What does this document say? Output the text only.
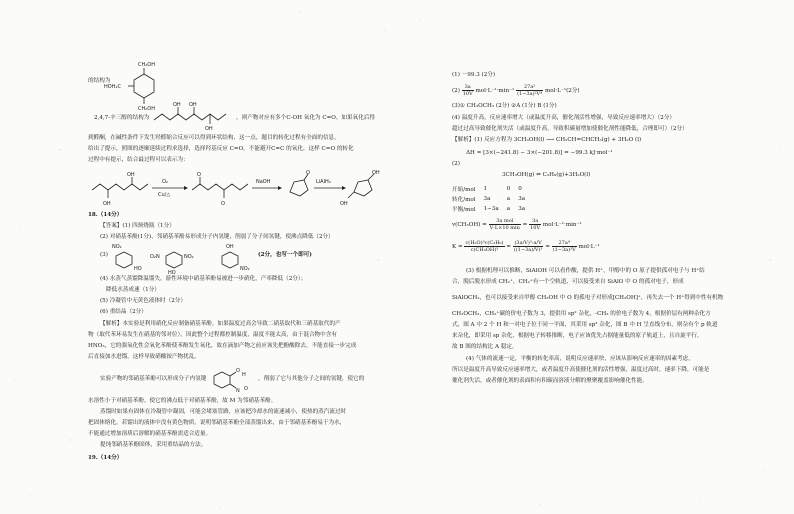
的结构为
CH₂OH
CH₂OH
HOH₂C
2,4,7-辛三醇的结构为
OH OH
OH
，则产物对应有多个C-OH 氧化为 C=O。如果氧化后得
到醛酮，在碱性条件下发生羟醛缩合反应可以得到环状结构，这一点，题目的转化过程有全面的信息，
给出了提示，照图的逐顺延续过程求选择，选择羟基反应 C=O，不能避开C=C 的氧化，这样 C=O 的转化
过程中有提示，结合最过程可以表示为：
OH
OH
O₂
Cu/△
O
O
NaOH
O
LiAlH₄
OH
OH
18.（14分）
【答案】(1) 四颈烧瓶（1分）
(2) 对硝基苯酚(1分)，邻硝基苯酚易形成分子内氢键，削弱了分子间氢键，使沸点降低（2分）
(3)
NO₂
HO
O₂N	NO₂
HO
OH
NO₂
(2分，也写一个即可)
(4) 水蒸气蒸馏降温馏失，游性环境中硝基苯酚易被进一步硝化，产率降低（2分）；
降低水蒸成速（1分）
(5) 冷凝管中无黄色液体时（2分）
(6) 重结晶（2分）
【解析】本实验是利用硝化反应制备硝基苯酚。如果温度过高会导致二硝基取代和三硝基取代的产
物（取代苯环易发生在硝基的邻对位），因此整个过程都控制温度，温度不能太高，由于混合物中含有
HNO₃，它的强氧化性会氧化苯酚使苯酚发生氧化，故在滴加产物之前应该先把酚酸除去，不能直接一步完成
后直接加水进馏，这样导致硝酸铵产物扰乱。
实验产物的邻硝基苯酚可以形成分子内氢键
O
H
N O
，削弱了它与其他分子之间的氢键，使它的
水溶性小于对硝基苯酚，使它的沸点低于对硝基苯酚，故 M 为邻硝基苯酚。
蒸馏时如果有固体在冷凝管中凝固，可能会堵塞管路，应该把冷却水的流速减小，使热的蒸汽流过时
把固体熔化，若馏出的液体中没有黄色物质，说明邻硝基苯酚全部蒸馏出来，由于邻硝基苯酚易于为水，
不能通过增加溶质后溶解的硝基苯酚需适合适量。
提纯邻硝基苯酚固体，采用重结晶的方法。
19.（14分）
(1) －99.3 (2分)
$(2) \frac{3a}{10V} mol\cdot L^{-1}\cdot\min^{-1} \frac{\text{27a²}}{\text{(1−3a)²V⁴}} mol\cdot L^{-1}(2$分)
(3)① CH₃OCH₃ (2分) ②A (1分) B (1分)
(4) 温度升高，反应速率增大（或温度升高，催化剂活性增强，导致反应速率增大）（2分）
超过过高导致催化剂失活（或温度升高，导致积碳量增加使催化剂性能降低，合理即可）（2分）
【解析】(1) 反应方程为 3CH₃OH(l) ⟶ CH₂CH=CHCH₃(g) + 3H₂O (l)
ΔH = [3×(−241.8) − 3×(−201.8)] = −99.3 kJ·mol⁻¹
(2)
3CH₃OH(g) ⇌ C₃H₆(g)+3H₂O(l)
开始/mol	1	0	0
转化/mol	3a	a	3a
平衡/mol	1−3a	a	3a
$v(CH_3OH) = \frac{\text{3a mol}}{V\cdot L\times 10 \min} = \frac{3a}{10V} mol\cdot L^{-1}\cdot\min^{-1}$
$K = \frac{\text{c(H₂O)³c(C₃H₆)}}{\text{c(CH₃OH)³}} = \frac{\text{(3a/V)³·a/V}}{\text{((1−3a)/V)³}} = \frac{\text{27a⁴}}{\text{(1−3a)³V}} mol\cdot L^{-1}$
(3) 根据机理可以推断，SiAlOH 可以看作酸，提供 H⁺，甲醇中的 O 原子提供孤对电子与 H⁺结
合，脱后脱水形成 CH₂⁺，CH₂⁺有一个空轨道，可以接受来自 SiAlO 中 O 的孤对电子，形成
SiAlOCH₃，也可以接受来自甲醇 CH₃OH 中 O 的孤电子对形成[CH₃OH]⁺，再失去一个 H⁺得到中性有机物
CH₃OCH₃，CH₂⁺碳的价电子数为 3，提供用 sp² 杂化，-CH₃ 的价电子数为 4，根据价层有两种杂化方
式，图 A 中 2 个 H 和一对电子位于同一平面，其采用 sp² 杂化，图 B 中 H 呈直线分布，则杂有个 p 轨道
来杂化，即采用 sp 杂化，根据电子转移推断，电子应该优先占据能量低的原子轨道上，且自旋平行，
故 B 图的结构比 A 稳定。
(4) 气体的流速一定，平衡的转化率高，说明反应速率快，应该从影响反应速率的因素考虑，
所以是温度升高导致反应速率增大，或者温度升高使催化剂的活性增强，温度过高时，速率下降，可能是
催化剂失活，或者催化剂的表面积有积碳而溶液分解的聚聚覆盖影响催化性能。
